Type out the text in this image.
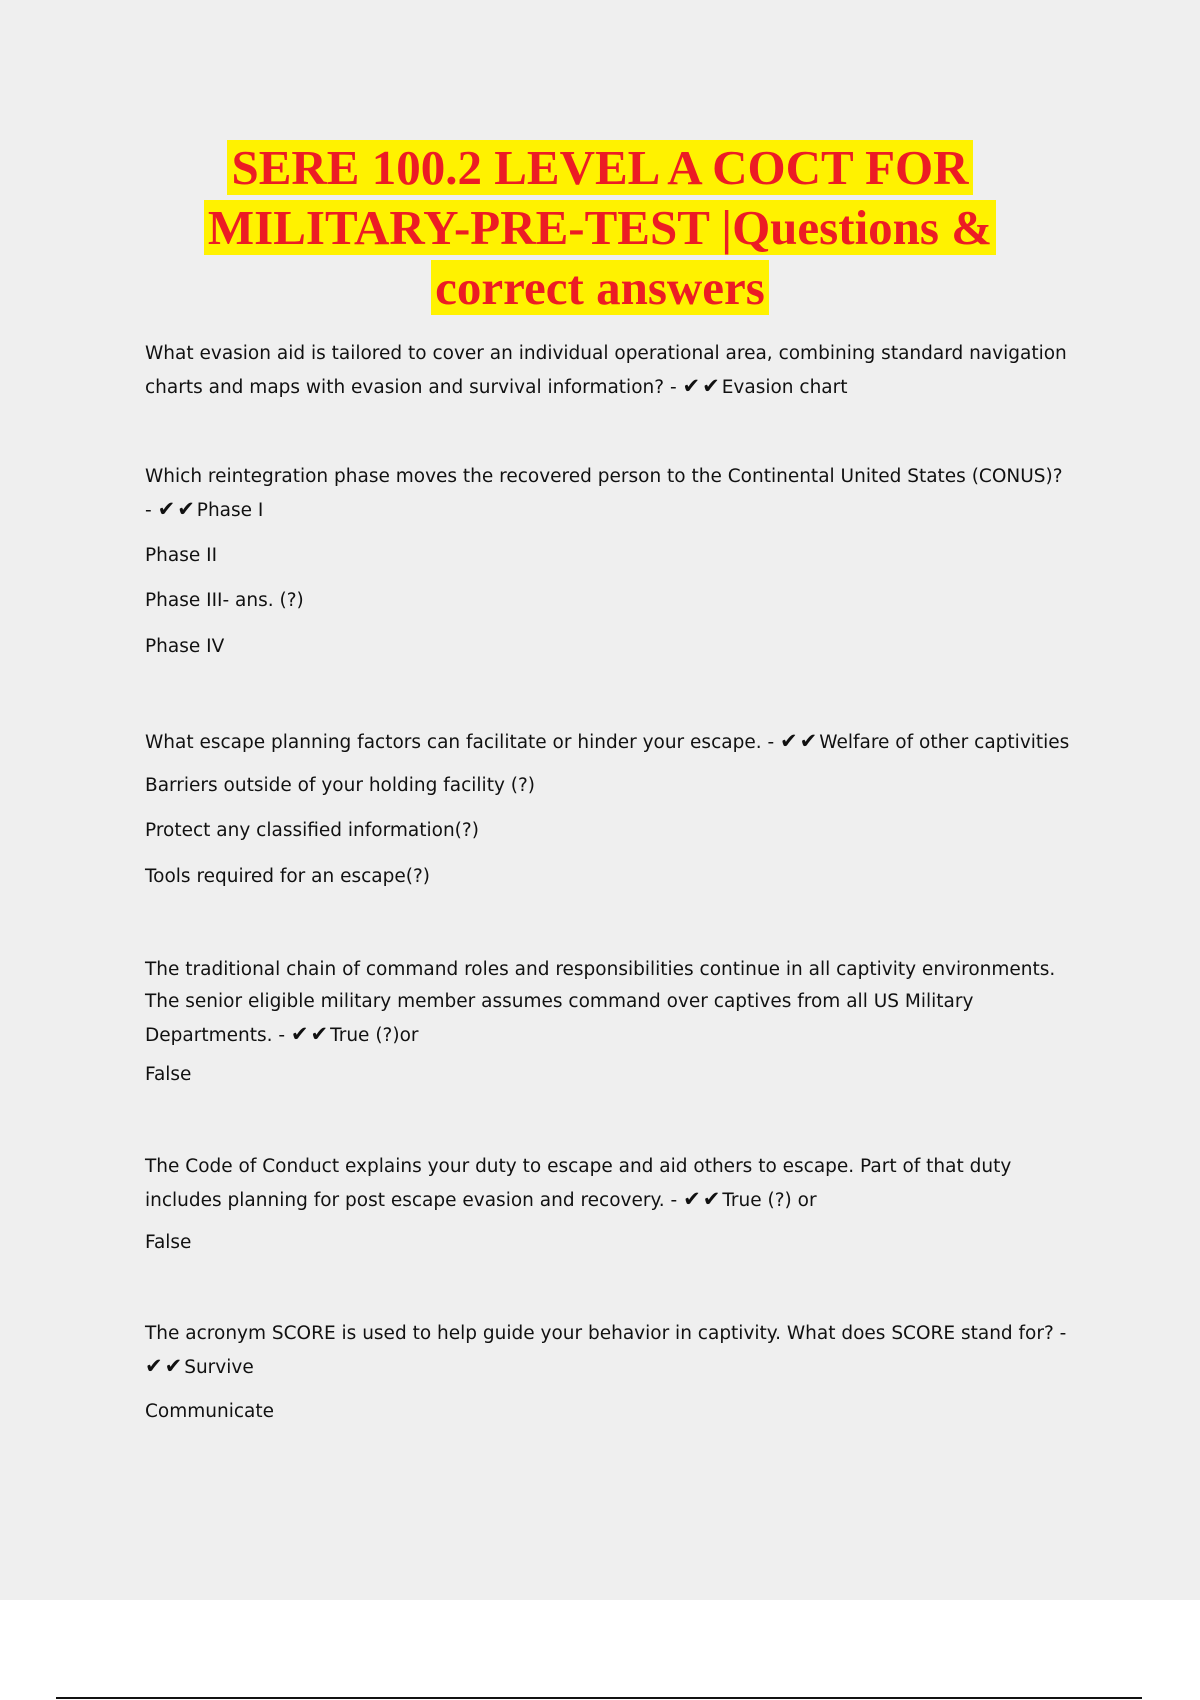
SERE 100.2 LEVEL A COCT FOR
MILITARY-PRE-TEST |Questions &
correct answers
What evasion aid is tailored to cover an individual operational area, combining standard navigation charts and maps with evasion and survival information? - ✔✔ Evasion chart
Which reintegration phase moves the recovered person to the Continental United States (CONUS)? - ✔✔ Phase I
Phase II
Phase III- ans. (?)
Phase IV
What escape planning factors can facilitate or hinder your escape. - ✔✔ Welfare of other captivities
Barriers outside of your holding facility (?)
Protect any classified information(?)
Tools required for an escape(?)
The traditional chain of command roles and responsibilities continue in all captivity environments. The senior eligible military member assumes command over captives from all US Military Departments. - ✔✔ True (?)or
False
The Code of Conduct explains your duty to escape and aid others to escape. Part of that duty includes planning for post escape evasion and recovery. - ✔✔ True (?) or
False
The acronym SCORE is used to help guide your behavior in captivity. What does SCORE stand for? - ✔✔ Survive
Communicate
